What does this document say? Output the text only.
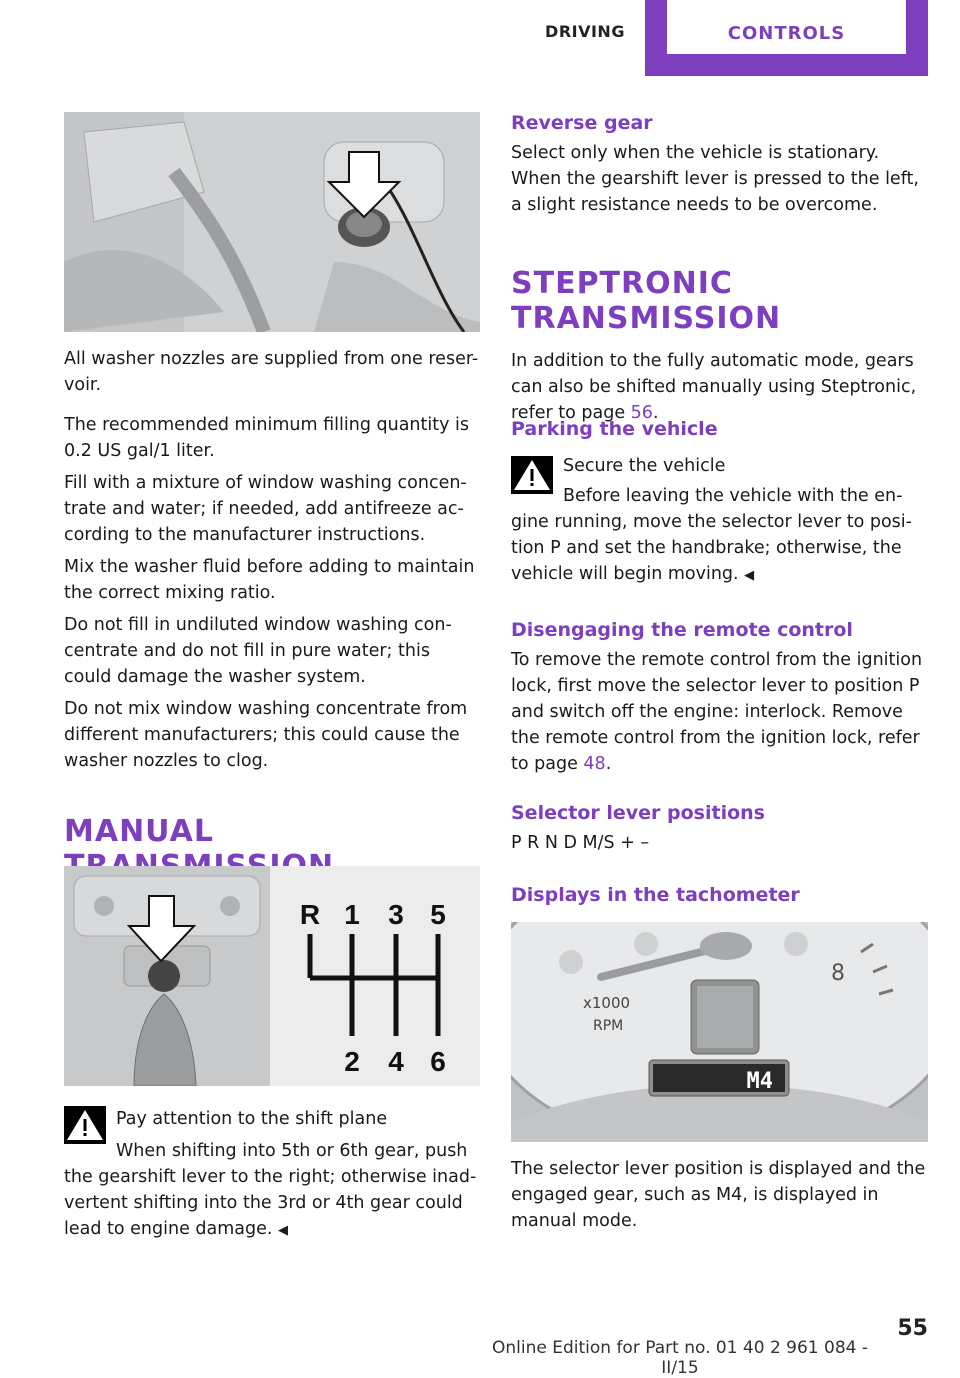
DRIVING	CONTROLS

All washer nozzles are supplied from one reser-voir.

The recommended minimum filling quantity is 0.2 US gal/1 liter.

Fill with a mixture of window washing concen-trate and water; if needed, add antifreeze ac-cording to the manufacturer instructions.

Mix the washer fluid before adding to maintain the correct mixing ratio.

Do not fill in undiluted window washing con-centrate and do not fill in pure water; this could damage the washer system.

Do not mix window washing concentrate from different manufacturers; this could cause the washer nozzles to clog.

MANUAL
R 1 3 5
2 4 6

Pay attention to the shift plane

When shifting into 5th or 6th gear, push the gearshift lever to the right; otherwise inad-vertent shifting into the 3rd or 4th gear could lead to engine damage. ◀

Reverse gear

Select only when the vehicle is stationary. When the gearshift lever is pressed to the left, a slight resistance needs to be overcome.

STEPTRONIC TRANSMISSION

In addition to the fully automatic mode, gears can also be shifted manually using Steptronic, refer to page 56.

Parking the vehicle

Secure the vehicle

Before leaving the vehicle with the en-gine running, move the selector lever to posi-tion P and set the handbrake; otherwise, the vehicle will begin moving. ◀

Disengaging the remote control

To remove the remote control from the ignition lock, first move the selector lever to position P and switch off the engine: interlock. Remove the remote control from the ignition lock, refer to page 48.

Selector lever positions

P R N D M/S + –

Displays in the tachometer
8
x1000
RPM
M4

The selector lever position is displayed and the engaged gear, such as M4, is displayed in manual mode.

Online Edition for Part no. 01 40 2 961 084 - II/15
55
